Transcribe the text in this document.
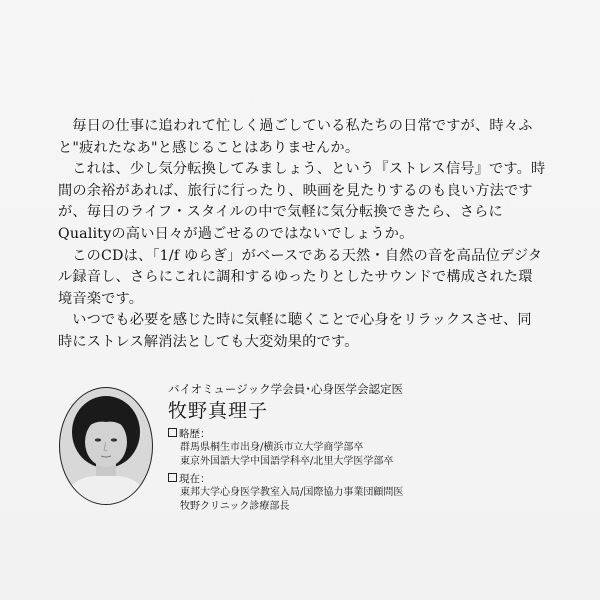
毎日の仕事に追われて忙しく過ごしている私たちの日常ですが、時々ふと"疲れたなあ"と感じることはありませんか。

これは、少し気分転換してみましょう、という『ストレス信号』です。時間の余裕があれば、旅行に行ったり、映画を見たりするのも良い方法ですが、毎日のライフ・スタイルの中で気軽に気分転換できたら、さらにQualityの高い日々が過ごせるのではないでしょうか。

このCDは、「1/f ゆらぎ」がベースである天然・自然の音を高品位デジタル録音し、さらにこれに調和するゆったりとしたサウンドで構成された環境音楽です。

いつでも必要を感じた時に気軽に聴くことで心身をリラックスさせ、同時にストレス解消法としても大変効果的です。

バイオミュージック学会員･心身医学会認定医
牧野真理子
略歴：
群馬県桐生市出身/横浜市立大学商学部卒
東京外国語大学中国語学科卒/北里大学医学部卒
現在：
東邦大学心身医学教室入局/国際協力事業団顧問医
牧野クリニック診療部長
